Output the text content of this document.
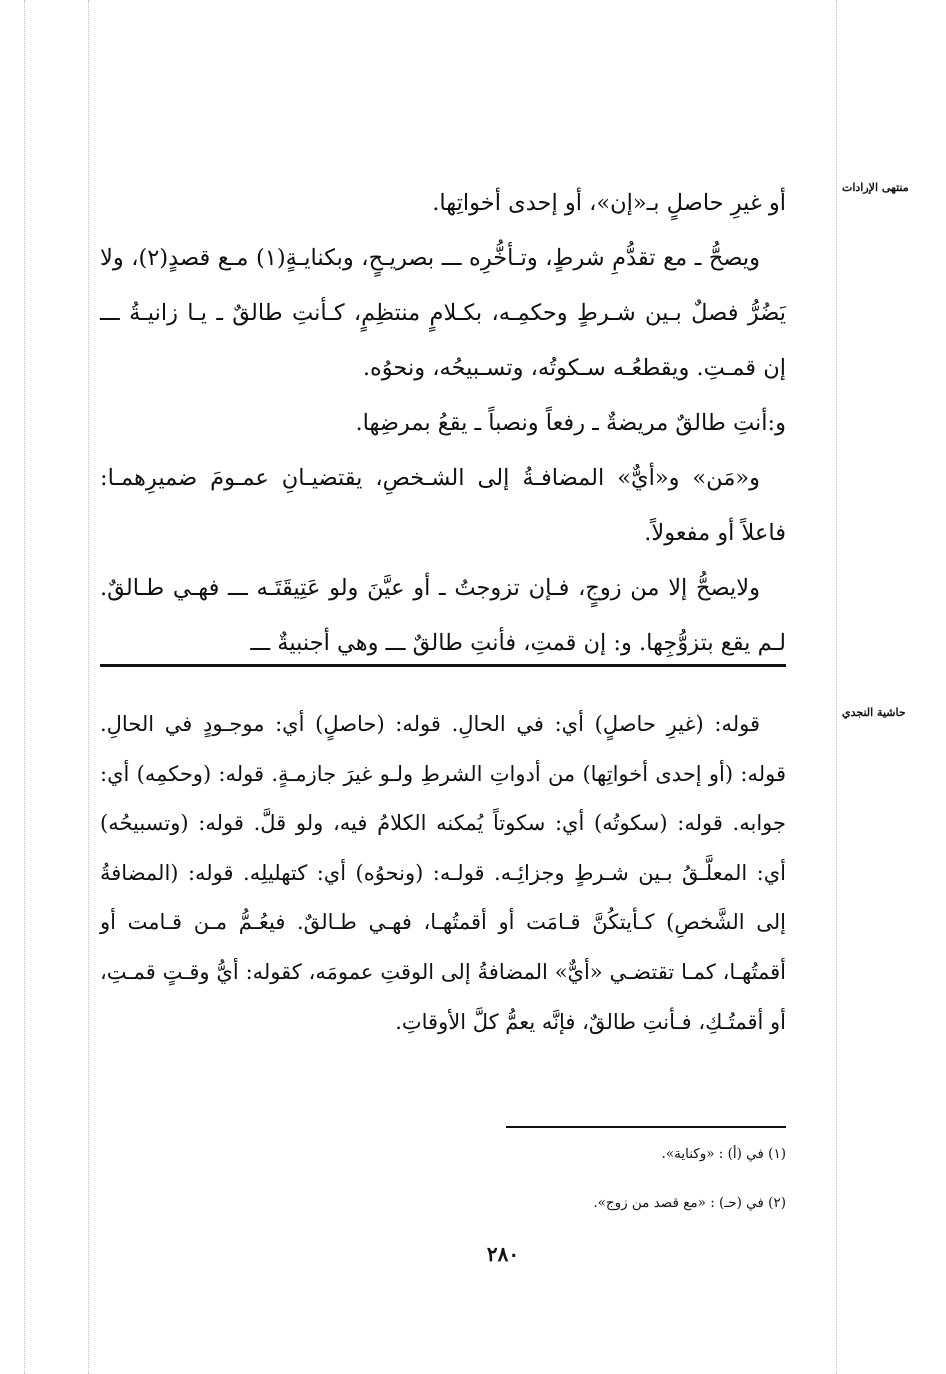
منتهى الإرادات
حاشية النجدي

أو غيرِ حاصلٍ بـ«إن»، أو إحدى أخواتِها.

ويصحُّ ـ مع تقدُّمِ شرطٍ، وتـأخُّرِه ـــ بصريـحٍ، وبكنايـةٍ(١) مـع قصدٍ(٢)، ولا يَضُرُّ فصلٌ بـين شـرطٍ وحكمِـه، بكـلامٍ منتظِمٍ، كـأنتِ طالقٌ ـ يـا زانيـةُ ـــ إن قمـتِ. ويقطعُـه سـكوتُه، وتسـبيحُه، ونحوُه.

و:أنتِ طالقٌ مريضةٌ ـ رفعاً ونصباً ـ يقعُ بمرضِها.

و«مَن» و«أيٌّ» المضافـةُ إلى الشـخصِ، يقتضيـانِ عمـومَ ضميرِهمـا: فاعلاً أو مفعولاً.

ولايصحُّ إلا من زوجٍ، فـإن تزوجتُ ـ أو عيَّنَ ولو عَتِيقَتَـه ـــ فهـي طـالقٌ. لـم يقع بتزوُّجِها. و: إن قمتِ، فأنتِ طالقٌ ـــ وهي أجنبيةٌ ـــ

قوله: (غيرِ حاصلٍ) أي: في الحالِ. قوله: (حاصلٍ) أي: موجـودٍ في الحالِ. قوله: (أو إحدى أخواتِها) من أدواتِ الشرطِ ولـو غيرَ جازمـةٍ. قوله: (وحكمِه) أي: جوابه. قوله: (سكوتُه) أي: سكوتاً يُمكنه الكلامُ فيه، ولو قلَّ. قوله: (وتسبيحُه) أي: المعلَّـقُ بـين شـرطٍ وجزائِـه. قولـه: (ونحوُه) أي: كتهليلِه. قوله: (المضافةُ إلى الشَّخصِ) كـأيتكُنَّ قـامَت أو أقمتُهـا، فهـي طـالقٌ. فيعُـمُّ مـن قـامت أو أقمتُهـا، كمـا تقتضـي «أيٌّ» المضافةُ إلى الوقتِ عمومَه، كقوله: أيُّ وقـتٍ قمـتِ، أو أقمتُـكِ، فـأنتِ طالقٌ، فإنَّه يعمُّ كلَّ الأوقاتِ.
(١) في (أ) : «وكناية».
(٢) في (حـ) : «مع قصد من زوج».
٢٨٠
